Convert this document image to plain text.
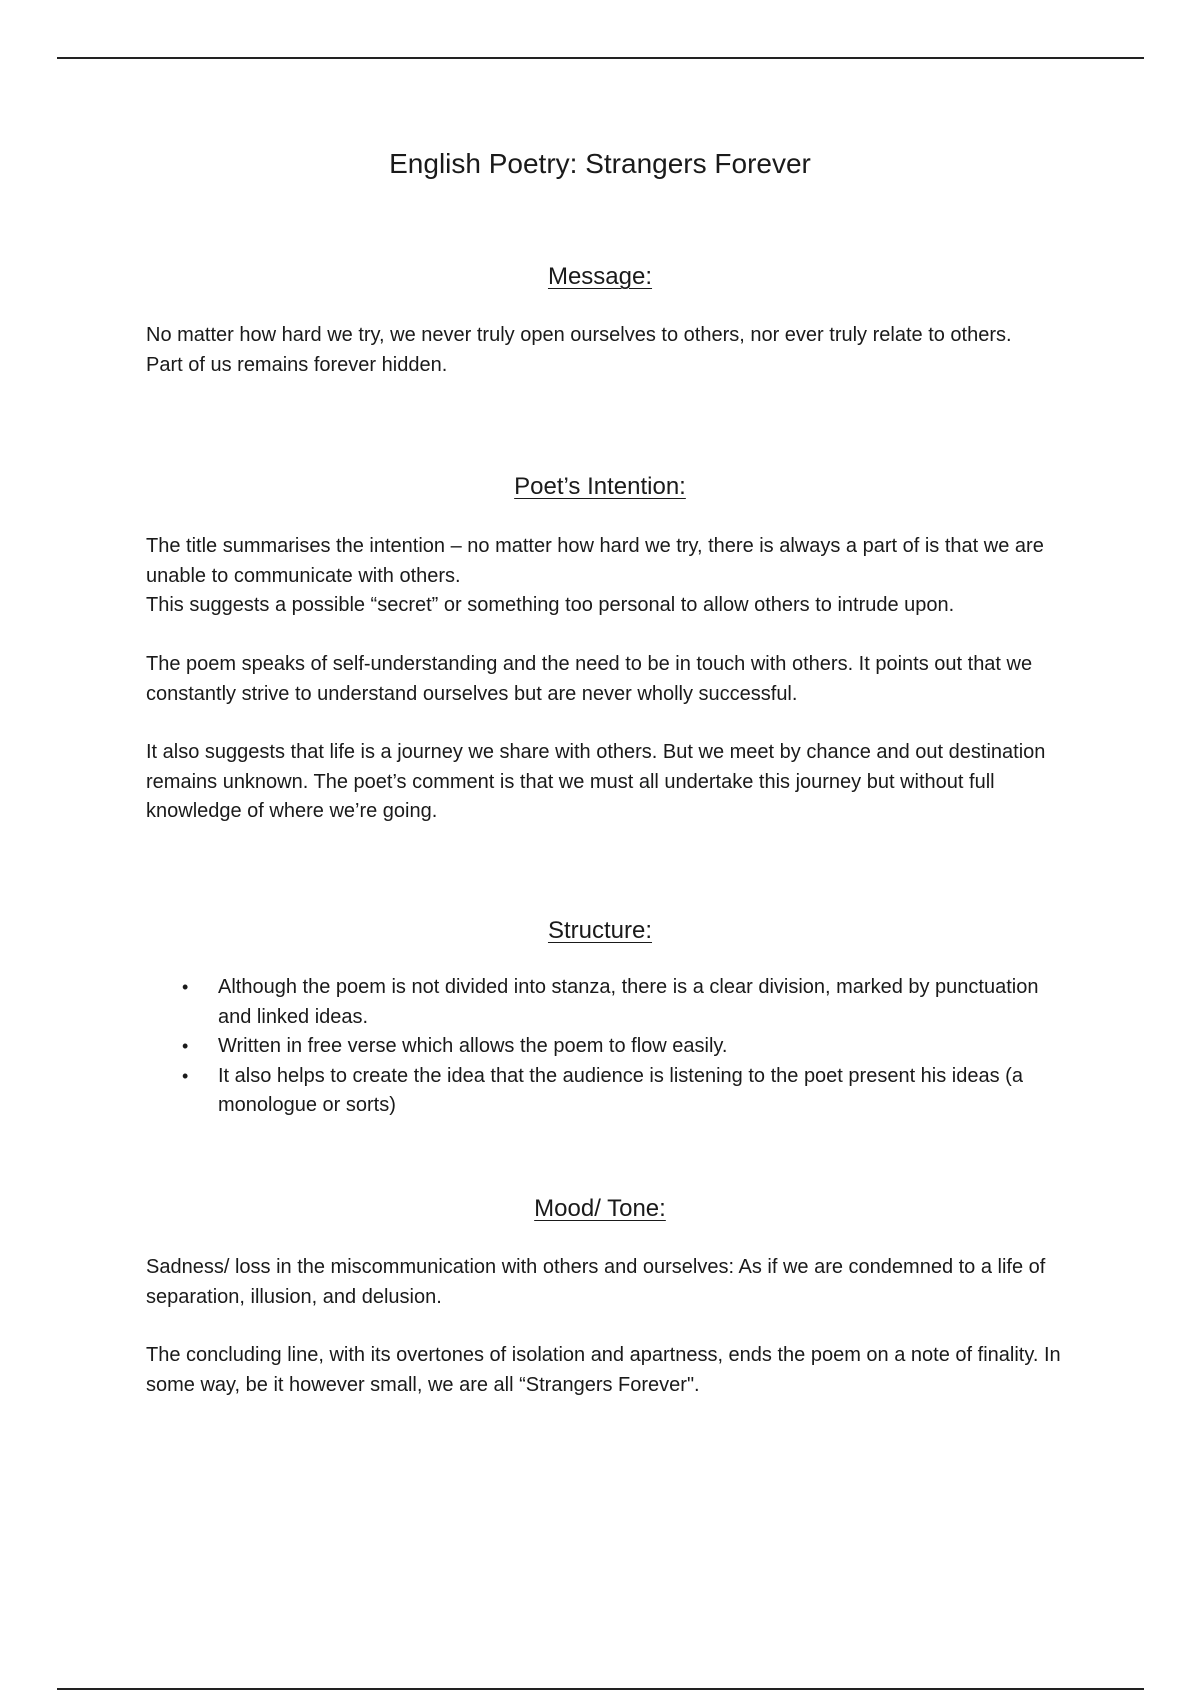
English Poetry: Strangers Forever
Message:

No matter how hard we try, we never truly open ourselves to others, nor ever truly relate to others.

Part of us remains forever hidden.

Poet’s Intention:

The title summarises the intention – no matter how hard we try, there is always a part of is that we are unable to communicate with others.

This suggests a possible “secret” or something too personal to allow others to intrude upon.

The poem speaks of self-understanding and the need to be in touch with others. It points out that we constantly strive to understand ourselves but are never wholly successful.

It also suggests that life is a journey we share with others. But we meet by chance and out destination remains unknown. The poet’s comment is that we must all undertake this journey but without full knowledge of where we’re going.

Structure:
• Although the poem is not divided into stanza, there is a clear division, marked by punctuation and linked ideas.
• Written in free verse which allows the poem to flow easily.
• It also helps to create the idea that the audience is listening to the poet present his ideas (a monologue or sorts)
Mood/ Tone:

Sadness/ loss in the miscommunication with others and ourselves: As if we are condemned to a life of separation, illusion, and delusion.

The concluding line, with its overtones of isolation and apartness, ends the poem on a note of finality. In some way, be it however small, we are all “Strangers Forever".
